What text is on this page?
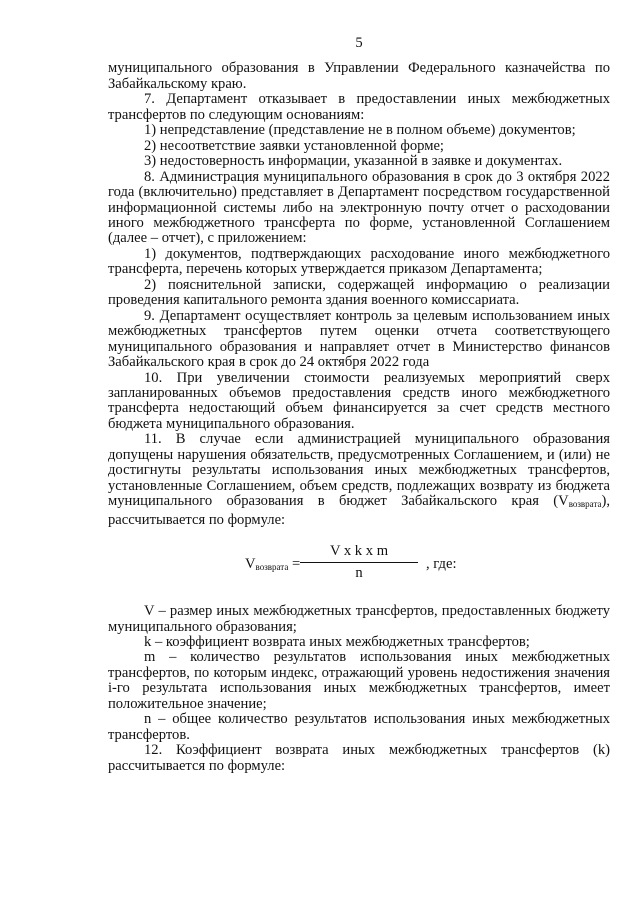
5

муниципального образования в Управлении Федерального казначейства по Забайкальскому краю.

7. Департамент отказывает в предоставлении иных межбюджетных трансфертов по следующим основаниям:

1) непредставление (представление не в полном объеме) документов;

2) несоответствие заявки установленной форме;

3) недостоверность информации, указанной в заявке и документах.

8. Администрация муниципального образования в срок до 3 октября 2022 года (включительно) представляет в Департамент посредством государственной информационной системы либо на электронную почту отчет о расходовании иного межбюджетного трансферта по форме, установленной Соглашением (далее – отчет), с приложением:

1) документов, подтверждающих расходование иного межбюджетного трансферта, перечень которых утверждается приказом Департамента;

2) пояснительной записки, содержащей информацию о реализации проведения капитального ремонта здания военного комиссариата.

9. Департамент осуществляет контроль за целевым использованием иных межбюджетных трансфертов путем оценки отчета соответствующего муниципального образования и направляет отчет в Министерство финансов Забайкальского края в срок до 24 октября 2022 года

10. При увеличении стоимости реализуемых мероприятий сверх запланированных объемов предоставления средств иного межбюджетного трансферта недостающий объем финансируется за счет средств местного бюджета муниципального образования.

11. В случае если администрацией муниципального образования допущены нарушения обязательств, предусмотренных Соглашением, и (или) не достигнуты результаты использования иных межбюджетных трансфертов, установленные Соглашением, объем средств, подлежащих возврату из бюджета муниципального образования в бюджет Забайкальского края $(V_{возврата})$, рассчитывается по формуле:

$V_{возврата}$ =
V x k x m
n
, где:

V – размер иных межбюджетных трансфертов, предоставленных бюджету муниципального образования;

k – коэффициент возврата иных межбюджетных трансфертов;

m – количество результатов использования иных межбюджетных трансфертов, по которым индекс, отражающий уровень недостижения значения i-го результата использования иных межбюджетных трансфертов, имеет положительное значение;

n – общее количество результатов использования иных межбюджетных трансфертов.

12. Коэффициент возврата иных межбюджетных трансфертов (k) рассчитывается по формуле:
